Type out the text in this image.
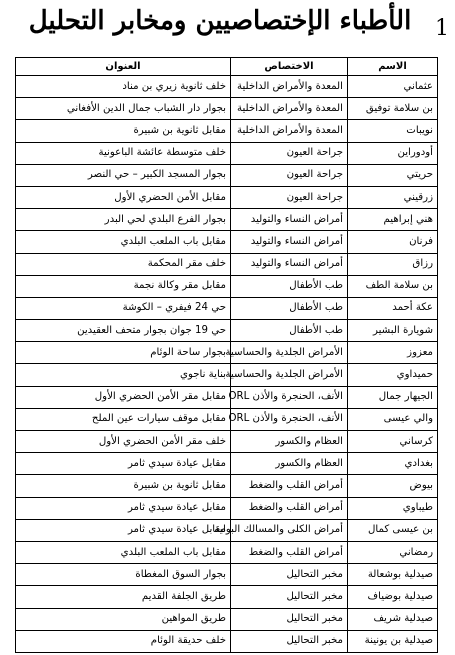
1
الأطباء الإختصاصيين ومخابر التحليل
الاسم	الاختصاص	العنوان
عثماني	المعدة والأمراض الداخلية	خلف ثانوية زيري بن مناد
بن سلامة توفيق	المعدة والأمراض الداخلية	بجوار دار الشباب جمال الدين الأفغاني
نويبات	المعدة والأمراض الداخلية	مقابل ثانوية بن شبيرة
أودوراين	جراحة العيون	خلف متوسطة عائشة الباعونية
حريتي	جراحة العيون	بجوار المسجد الكبير – حي النصر
زرقيني	جراحة العيون	مقابل الأمن الحضري الأول
هني إبراهيم	أمراض النساء والتوليد	بجوار الفرع البلدي لحي البدر
فرنان	أمراض النساء والتوليد	مقابل باب الملعب البلدي
رزاق	أمراض النساء والتوليد	خلف مقر المحكمة
بن سلامة الطف	طب الأطفال	مقابل مقر وكالة نجمة
عكة أحمد	طب الأطفال	حي 24 فيفري – الكوشة
شويارة البشير	طب الأطفال	حي 19 جوان بجوار متحف العقيدين
معزوز	الأمراض الجلدية والحساسية	بجوار ساحة الوئام
حميداوي	الأمراض الجلدية والحساسية	بناية ناجوي
الجيهار جمال	الأنف، الحنجرة والأذن ORL	مقابل مقر الأمن الحضري الأول
والي عيسى	الأنف، الحنجرة والأذن ORL	مقابل موقف سيارات عين الملح
كرساني	العظام والكسور	خلف مقر الأمن الحضري الأول
بغدادي	العظام والكسور	مقابل عيادة سيدي ثامر
بيوض	أمراض القلب والضغط	مقابل ثانوية بن شبيرة
طيباوي	أمراض القلب والضغط	مقابل عيادة سيدي ثامر
بن عيسى كمال	أمراض الكلى والمسالك البولية	مقابل عيادة سيدي ثامر
رمضاني	أمراض القلب والضغط	مقابل باب الملعب البلدي
صيدلية بوشعالة	مخبر التحاليل	بجوار السوق المغطاة
صيدلية بوضياف	مخبر التحاليل	طريق الجلفة القديم
صيدلية شريف	مخبر التحاليل	طريق المواهين
صيدلية بن يونينة	مخبر التحاليل	خلف حديقة الوئام
